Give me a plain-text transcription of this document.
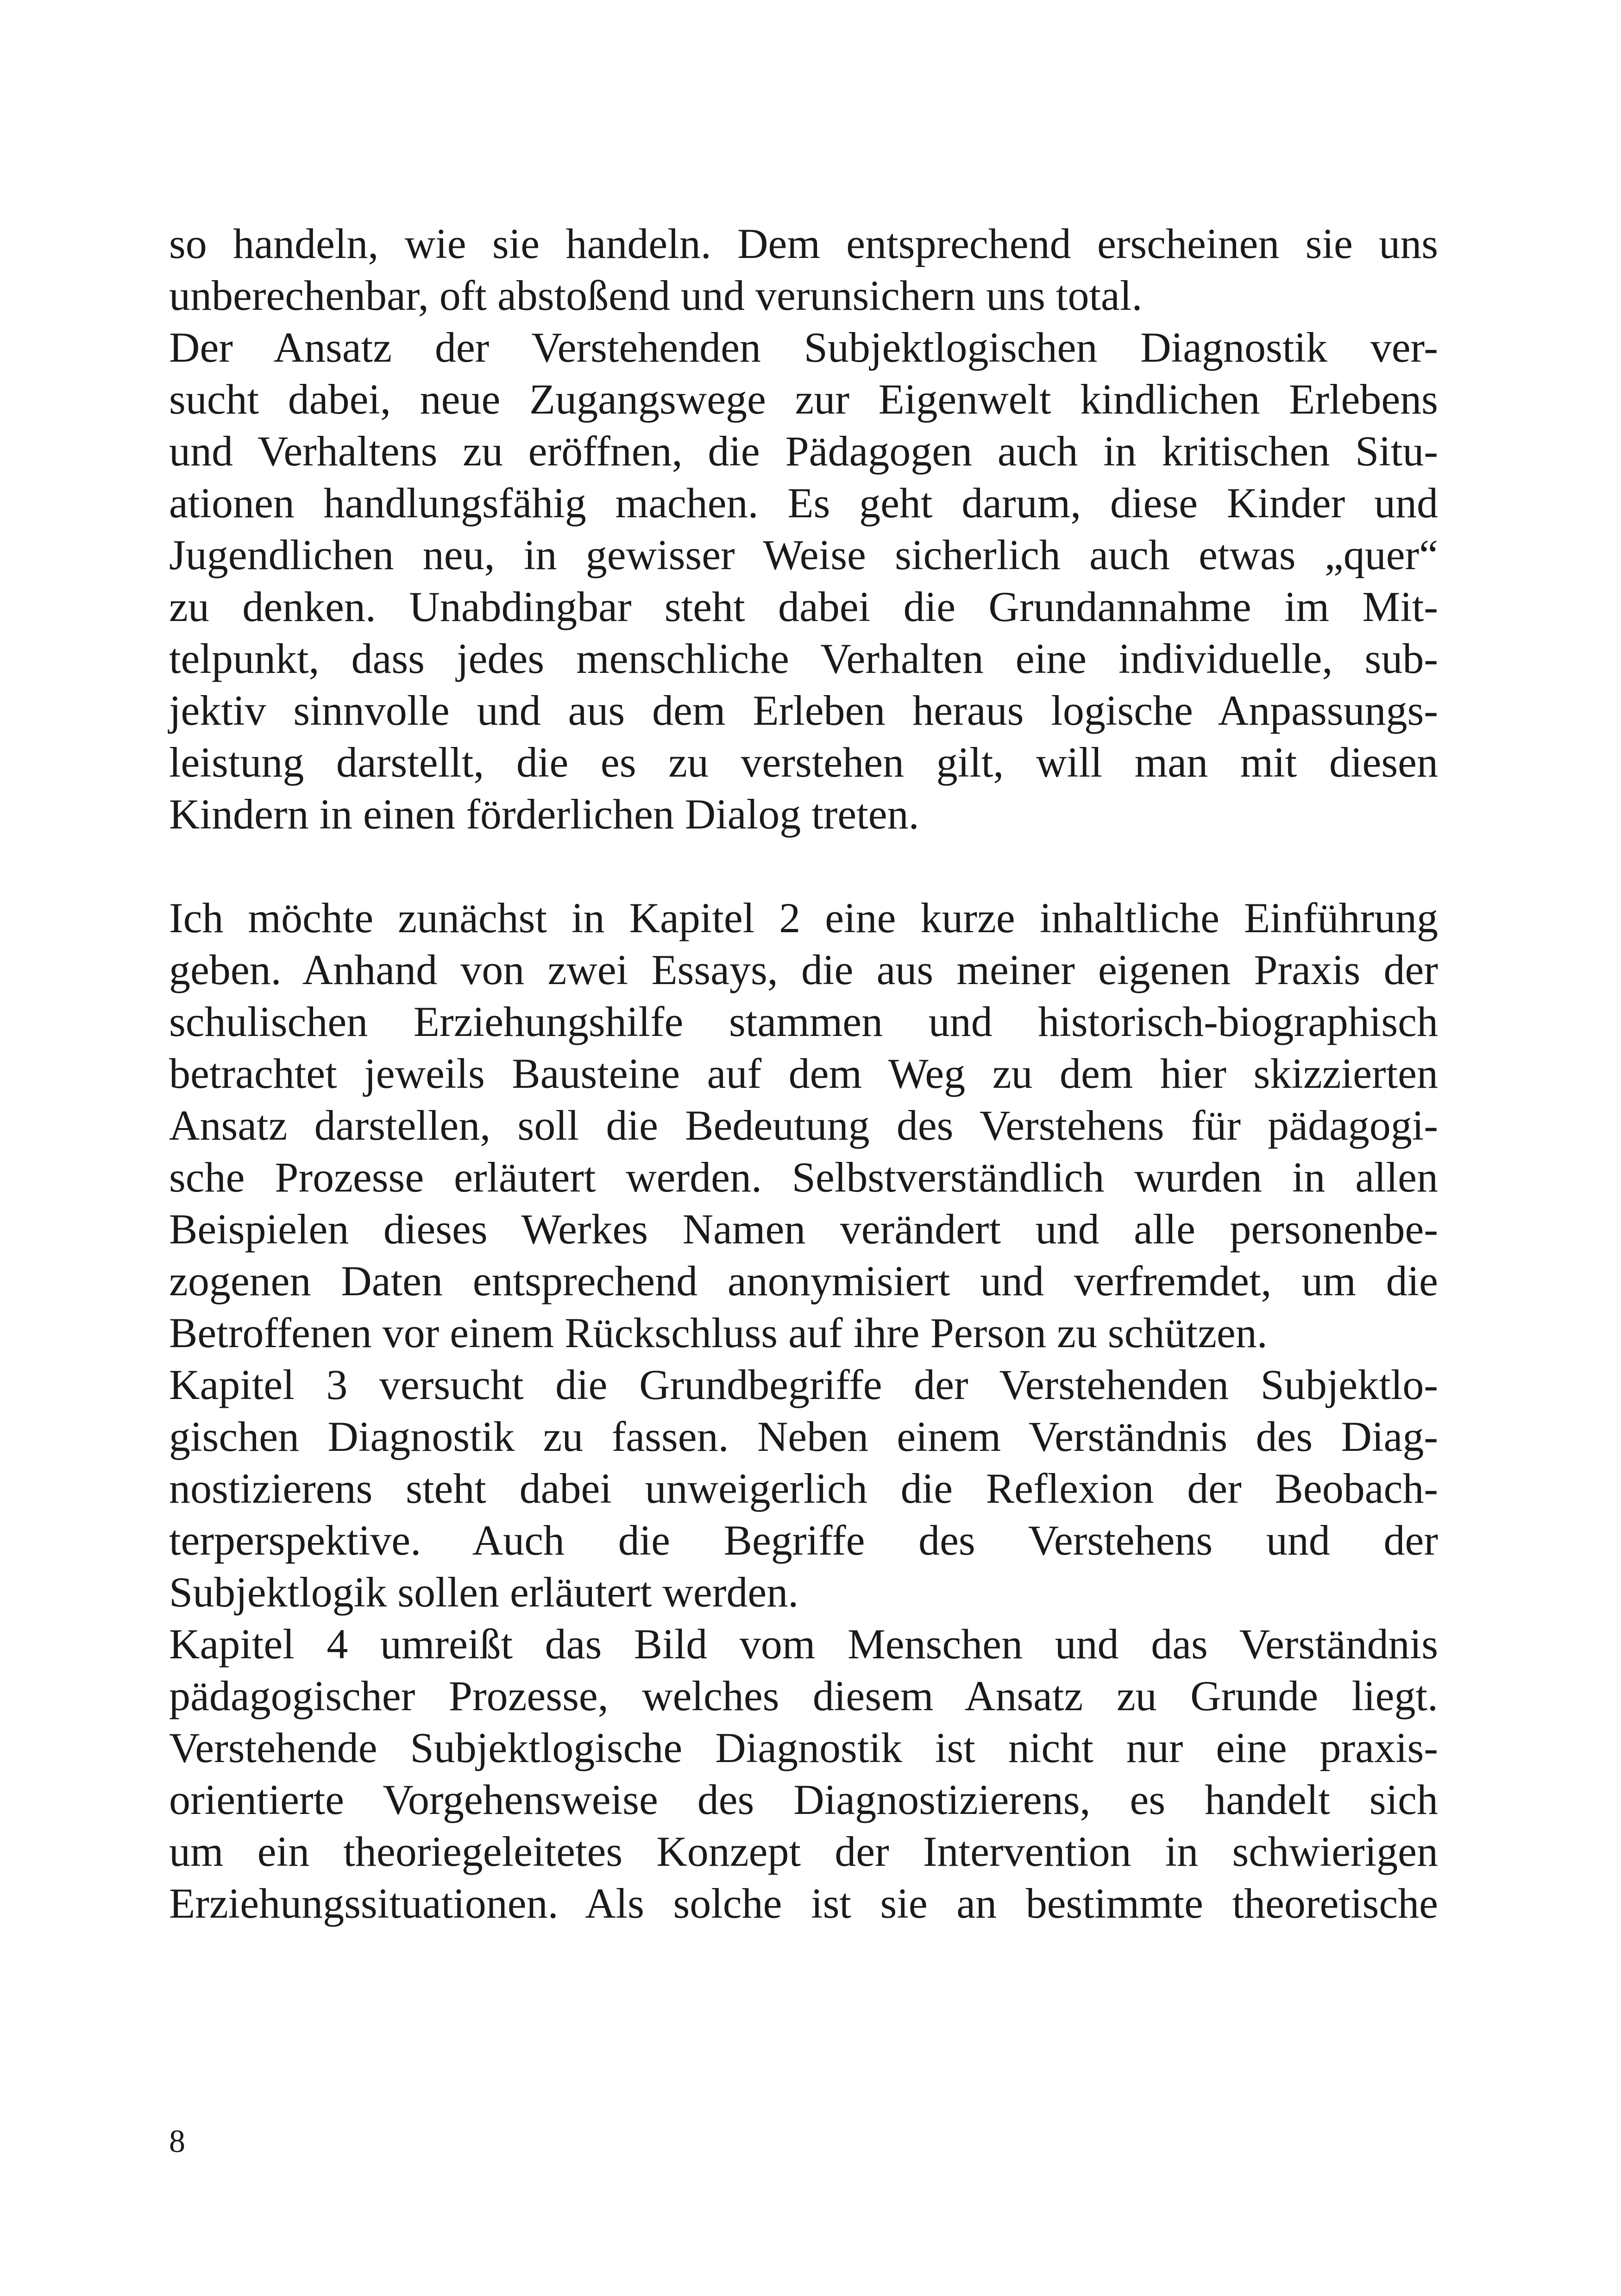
so handeln, wie sie handeln. Dem entsprechend erscheinen sie uns
unberechenbar, oft abstoßend und verunsichern uns total.
Der Ansatz der Verstehenden Subjektlogischen Diagnostik ver-
sucht dabei, neue Zugangswege zur Eigenwelt kindlichen Erlebens
und Verhaltens zu eröffnen, die Pädagogen auch in kritischen Situ-
ationen handlungsfähig machen. Es geht darum, diese Kinder und
Jugendlichen neu, in gewisser Weise sicherlich auch etwas „quer“
zu denken. Unabdingbar steht dabei die Grundannahme im Mit-
telpunkt, dass jedes menschliche Verhalten eine individuelle, sub-
jektiv sinnvolle und aus dem Erleben heraus logische Anpassungs-
leistung darstellt, die es zu verstehen gilt, will man mit diesen
Kindern in einen förderlichen Dialog treten.
Ich möchte zunächst in Kapitel 2 eine kurze inhaltliche Einführung
geben. Anhand von zwei Essays, die aus meiner eigenen Praxis der
schulischen Erziehungshilfe stammen und historisch-biographisch
betrachtet jeweils Bausteine auf dem Weg zu dem hier skizzierten
Ansatz darstellen, soll die Bedeutung des Verstehens für pädagogi-
sche Prozesse erläutert werden. Selbstverständlich wurden in allen
Beispielen dieses Werkes Namen verändert und alle personenbe-
zogenen Daten entsprechend anonymisiert und verfremdet, um die
Betroffenen vor einem Rückschluss auf ihre Person zu schützen.
Kapitel 3 versucht die Grundbegriffe der Verstehenden Subjektlo-
gischen Diagnostik zu fassen. Neben einem Verständnis des Diag-
nostizierens steht dabei unweigerlich die Reflexion der Beobach-
terperspektive. Auch die Begriffe des Verstehens und der
Subjektlogik sollen erläutert werden.
Kapitel 4 umreißt das Bild vom Menschen und das Verständnis
pädagogischer Prozesse, welches diesem Ansatz zu Grunde liegt.
Verstehende Subjektlogische Diagnostik ist nicht nur eine praxis-
orientierte Vorgehensweise des Diagnostizierens, es handelt sich
um ein theoriegeleitetes Konzept der Intervention in schwierigen
Erziehungssituationen. Als solche ist sie an bestimmte theoretische
8
